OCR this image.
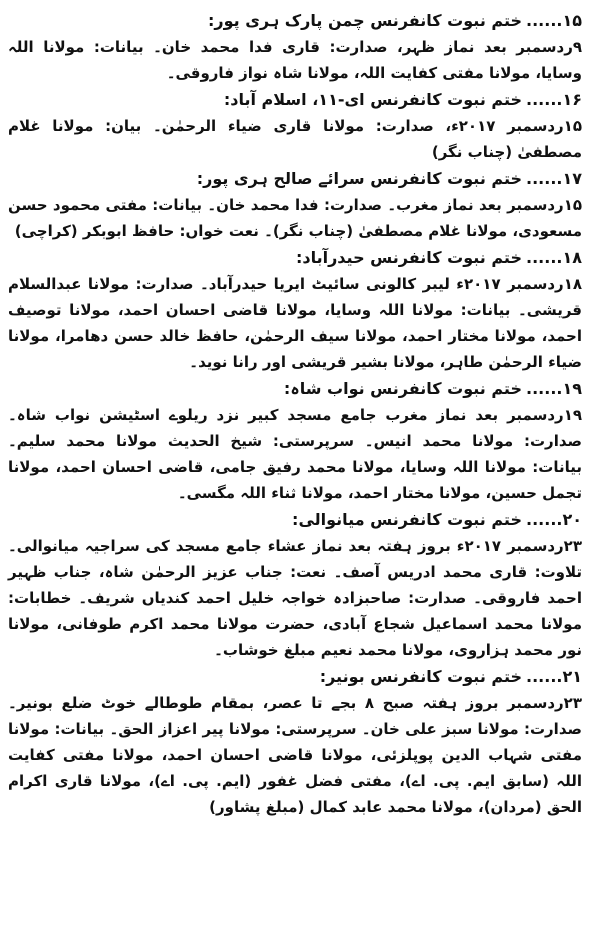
۱۵......
ختم نبوت کانفرنس چمن پارک ہری پور:
۹ردسمبر بعد نماز ظہر، صدارت: قاری فدا محمد خان۔ بیانات: مولانا اللہ وسایا، مولانا مفتی کفایت اللہ، مولانا شاہ نواز فاروقی۔
۱۶......
ختم نبوت کانفرنس ای-۱۱، اسلام آباد:
۱۵ردسمبر ۲۰۱۷ء، صدارت: مولانا قاری ضیاء الرحمٰن۔ بیان: مولانا غلام مصطفیٰ (چناب نگر)
۱۷......
ختم نبوت کانفرنس سرائے صالح ہری پور:
۱۵ردسمبر بعد نماز مغرب۔ صدارت: فدا محمد خان۔ بیانات: مفتی محمود حسن مسعودی، مولانا غلام مصطفیٰ (چناب نگر)۔ نعت خواں: حافظ ابوبکر (کراچی)
۱۸......
ختم نبوت کانفرنس حیدرآباد:
۱۸ردسمبر ۲۰۱۷ء لیبر کالونی سائیٹ ایریا حیدرآباد۔ صدارت: مولانا عبدالسلام قریشی۔ بیانات: مولانا اللہ وسایا، مولانا قاضی احسان احمد، مولانا توصیف احمد، مولانا مختار احمد، مولانا سیف الرحمٰن، حافظ خالد حسن دھامرا، مولانا ضیاء الرحمٰن طاہر، مولانا بشیر قریشی اور رانا نوید۔
۱۹......
ختم نبوت کانفرنس نواب شاہ:
۱۹ردسمبر بعد نماز مغرب جامع مسجد کبیر نزد ریلوے اسٹیشن نواب شاہ۔ صدارت: مولانا محمد انیس۔ سرپرستی: شیخ الحدیث مولانا محمد سلیم۔ بیانات: مولانا اللہ وسایا، مولانا محمد رفیق جامی، قاضی احسان احمد، مولانا تجمل حسین، مولانا مختار احمد، مولانا ثناء اللہ مگسی۔
۲۰......
ختم نبوت کانفرنس میانوالی:
۲۳ردسمبر ۲۰۱۷ء بروز ہفتہ بعد نماز عشاء جامع مسجد کی سراجیہ میانوالی۔ تلاوت: قاری محمد ادریس آصف۔ نعت: جناب عزیز الرحمٰن شاہ، جناب ظہیر احمد فاروقی۔ صدارت: صاحبزادہ خواجہ خلیل احمد کندیاں شریف۔ خطابات: مولانا محمد اسماعیل شجاع آبادی، حضرت مولانا محمد اکرم طوفانی، مولانا نور محمد ہزاروی، مولانا محمد نعیم مبلغ خوشاب۔
۲۱......
ختم نبوت کانفرنس بونیر:
۲۳ردسمبر بروز ہفتہ صبح ۸ بجے تا عصر، بمقام طوطالے خوٹ ضلع بونیر۔ صدارت: مولانا سبز علی خان۔ سرپرستی: مولانا پیر اعزاز الحق۔ بیانات: مولانا مفتی شہاب الدین پوپلزئی، مولانا قاضی احسان احمد، مولانا مفتی کفایت اللہ (سابق ایم. پی. اے)، مفتی فضل غفور (ایم. پی. اے)، مولانا قاری اکرام الحق (مردان)، مولانا محمد عابد کمال (مبلغ پشاور)
